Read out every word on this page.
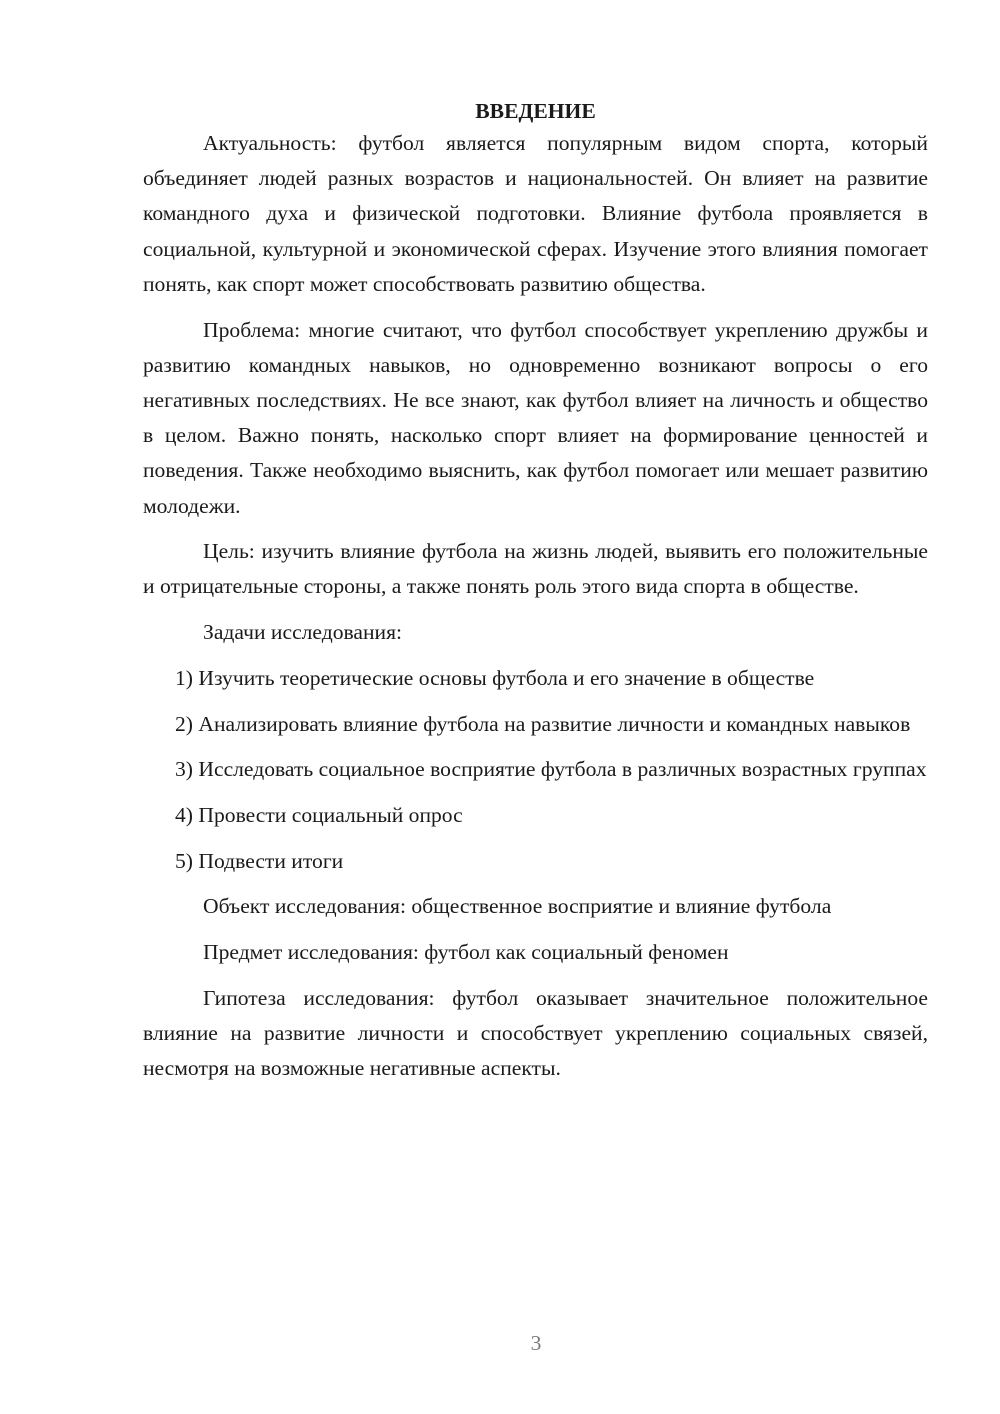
ВВЕДЕНИЕ

Актуальность: футбол является популярным видом спорта, который объединяет людей разных возрастов и национальностей. Он влияет на развитие командного духа и физической подготовки. Влияние футбола проявляется в социальной, культурной и экономической сферах. Изучение этого влияния помогает понять, как спорт может способствовать развитию общества.

Проблема: многие считают, что футбол способствует укреплению дружбы и развитию командных навыков, но одновременно возникают вопросы о его негативных последствиях. Не все знают, как футбол влияет на личность и общество в целом. Важно понять, насколько спорт влияет на формирование ценностей и поведения. Также необходимо выяснить, как футбол помогает или мешает развитию молодежи.

Цель: изучить влияние футбола на жизнь людей, выявить его положительные и отрицательные стороны, а также понять роль этого вида спорта в обществе.

Задачи исследования:

1) Изучить теоретические основы футбола и его значение в обществе

2) Анализировать влияние футбола на развитие личности и командных навыков

3) Исследовать социальное восприятие футбола в различных возрастных группах

4) Провести социальный опрос

5) Подвести итоги

Объект исследования: общественное восприятие и влияние футбола

Предмет исследования: футбол как социальный феномен

Гипотеза исследования: футбол оказывает значительное положительное влияние на развитие личности и способствует укреплению социальных связей, несмотря на возможные негативные аспекты.

3
